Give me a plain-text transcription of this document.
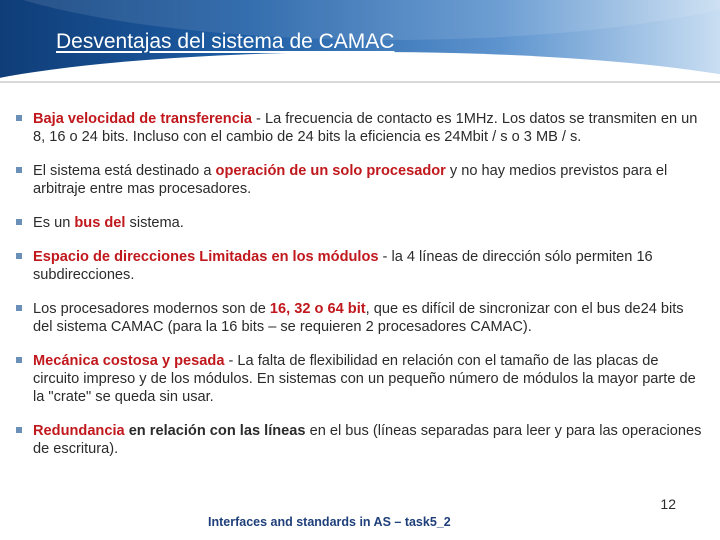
Desventajas del sistema de CAMAC
Baja velocidad de transferencia - La frecuencia de contacto es 1MHz. Los datos se transmiten en un 8, 16 o 24 bits. Incluso con el cambio de 24 bits la eficiencia es 24Mbit / s o 3 MB / s.
El sistema está destinado a operación de un solo procesador y no hay medios previstos para el arbitraje entre mas procesadores.
Es un bus del sistema.
Espacio de direcciones Limitadas en los módulos - la 4 líneas de dirección sólo permiten 16 subdirecciones.
Los procesadores modernos son de 16, 32 o 64 bit, que es difícil de sincronizar con el bus de24 bits del sistema CAMAC (para la 16 bits – se requieren 2 procesadores CAMAC).
Mecánica costosa y pesada - La falta de flexibilidad en relación con el tamaño de las placas de circuito impreso y de los módulos. En sistemas con un pequeño número de módulos la mayor parte de la "crate" se queda sin usar.
Redundancia en relación con las líneas en el bus (líneas separadas para leer y para las operaciones de escritura).
12
Interfaces and standards in AS – task5_2
